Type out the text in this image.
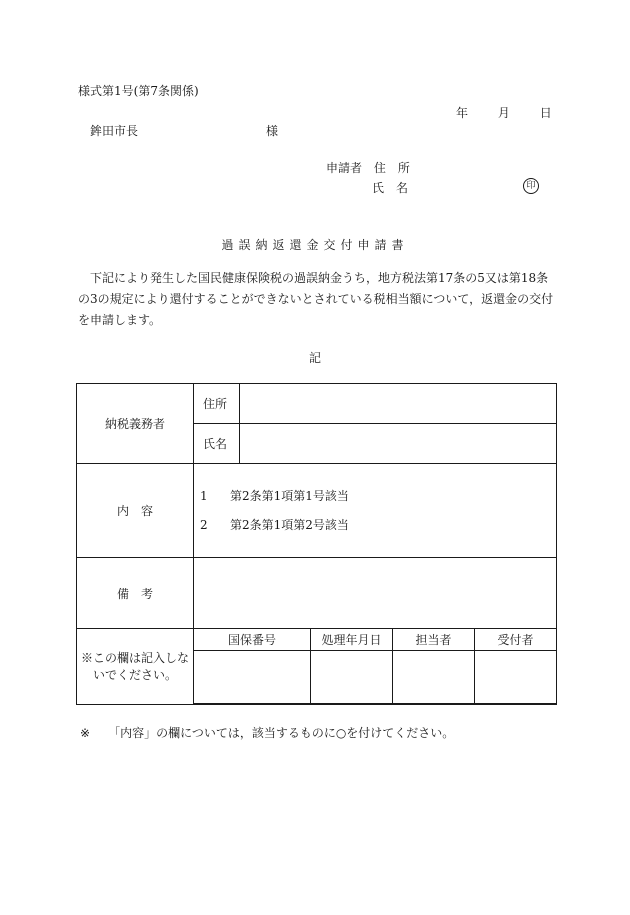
様式第1号(第7条関係)
年 月 日
鉾田市長	様
申請者 住　所
氏　名	印
過誤納返還金交付申請書
下記により発生した国民健康保険税の過誤納金うち，地方税法第17条の5又は第18条の3の規定により還付することができないとされている税相当額について，返還金の交付を申請します。
記
納税義務者	住所	
	氏名	
内　容	1 第2条第1項第1号該当
2 第2条第1項第2号該当	

備　考		

※この欄は記入しないでください。		

国保番号	処理年月日	担当者	受付者

※ 「内容」の欄については，該当するものに○を付けてください。
